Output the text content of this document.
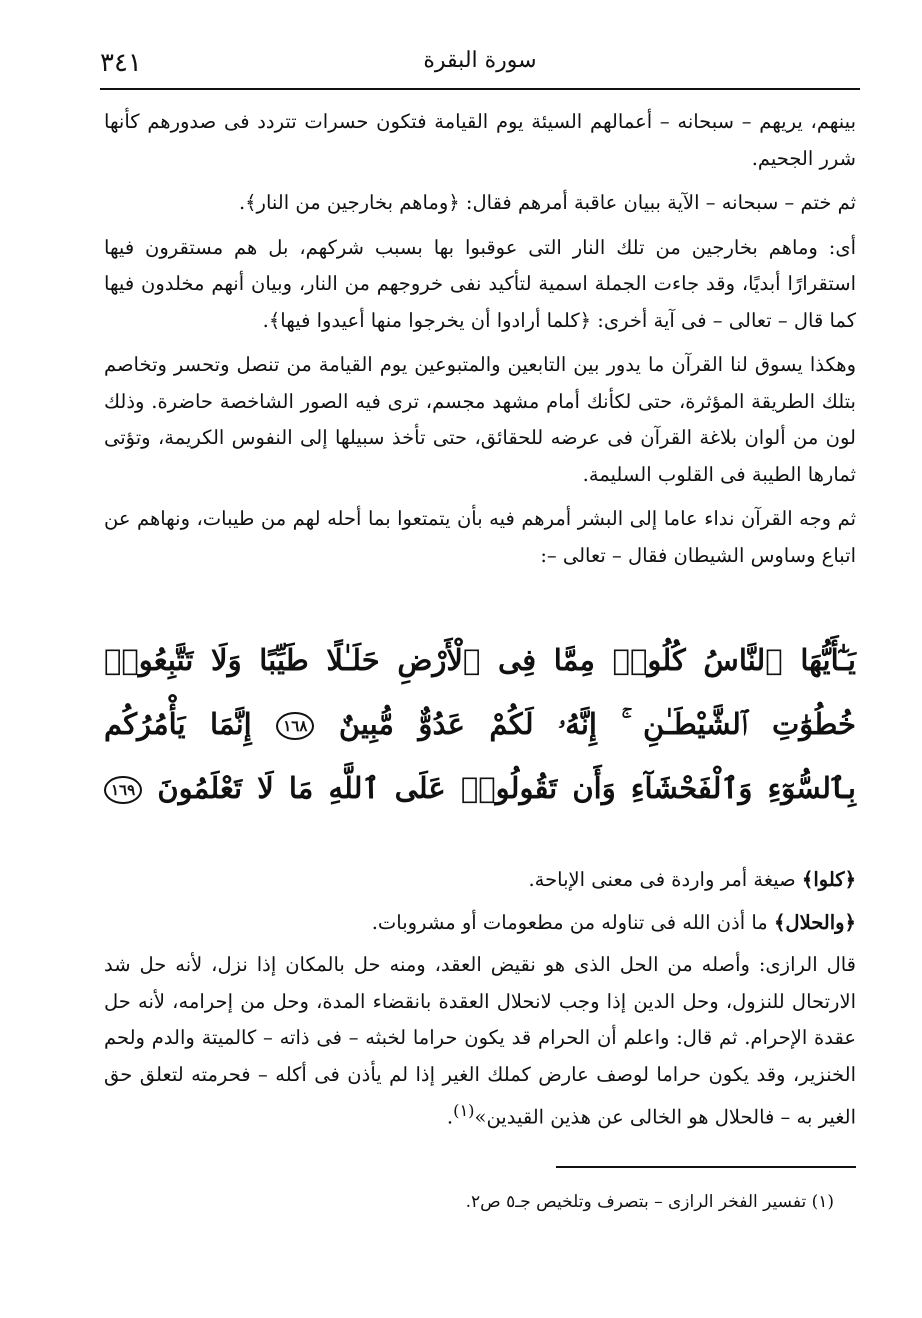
سورة البقرة
٣٤١

بينهم، يريهم – سبحانه – أعمالهم السيئة يوم القيامة فتكون حسرات تتردد فى صدورهم كأنها شرر الجحيم.

ثم ختم – سبحانه – الآية ببيان عاقبة أمرهم فقال: ﴿وماهم بخارجين من النار﴾.

أى: وماهم بخارجين من تلك النار التى عوقبوا بها بسبب شركهم، بل هم مستقرون فيها استقرارًا أبديًا، وقد جاءت الجملة اسمية لتأكيد نفى خروجهم من النار، وبيان أنهم مخلدون فيها كما قال – تعالى – فى آية أخرى: ﴿كلما أرادوا أن يخرجوا منها أعيدوا فيها﴾.

وهكذا يسوق لنا القرآن ما يدور بين التابعين والمتبوعين يوم القيامة من تنصل وتحسر وتخاصم بتلك الطريقة المؤثرة، حتى لكأنك أمام مشهد مجسم، ترى فيه الصور الشاخصة حاضرة. وذلك لون من ألوان بلاغة القرآن فى عرضه للحقائق، حتى تأخذ سبيلها إلى النفوس الكريمة، وتؤتى ثمارها الطيبة فى القلوب السليمة.

ثم وجه القرآن نداء عاما إلى البشر أمرهم فيه بأن يتمتعوا بما أحله لهم من طيبات، ونهاهم عن اتباع وساوس الشيطان فقال – تعالى –:

يَـٰٓأَيُّهَا ٱلنَّاسُ كُلُوا۟ مِمَّا فِى ٱلْأَرْضِ حَلَـٰلًا طَيِّبًا وَلَا تَتَّبِعُوا۟

خُطُوَٰتِ ٱلشَّيْطَـٰنِ ۚ إِنَّهُۥ لَكُمْ عَدُوٌّ مُّبِينٌ ١٦٨ إِنَّمَا يَأْمُرُكُم

بِٱلسُّوٓءِ وَٱلْفَحْشَآءِ وَأَن تَقُولُوا۟ عَلَى ٱللَّهِ مَا لَا تَعْلَمُونَ ١٦٩

﴿كلوا﴾ صيغة أمر واردة فى معنى الإباحة.

﴿والحلال﴾ ما أذن الله فى تناوله من مطعومات أو مشروبات.

قال الرازى: وأصله من الحل الذى هو نقيض العقد، ومنه حل بالمكان إذا نزل، لأنه حل شد الارتحال للنزول، وحل الدين إذا وجب لانحلال العقدة بانقضاء المدة، وحل من إحرامه، لأنه حل عقدة الإحرام. ثم قال: واعلم أن الحرام قد يكون حراما لخبثه – فى ذاته – كالميتة والدم ولحم الخنزير، وقد يكون حراما لوصف عارض كملك الغير إذا لم يأذن فى أكله – فحرمته لتعلق حق الغير به – فالحلال هو الخالى عن هذين القيدين»$^{(١)}$.

(١) تفسير الفخر الرازى – بتصرف وتلخيص جـ٥ ص٢.
